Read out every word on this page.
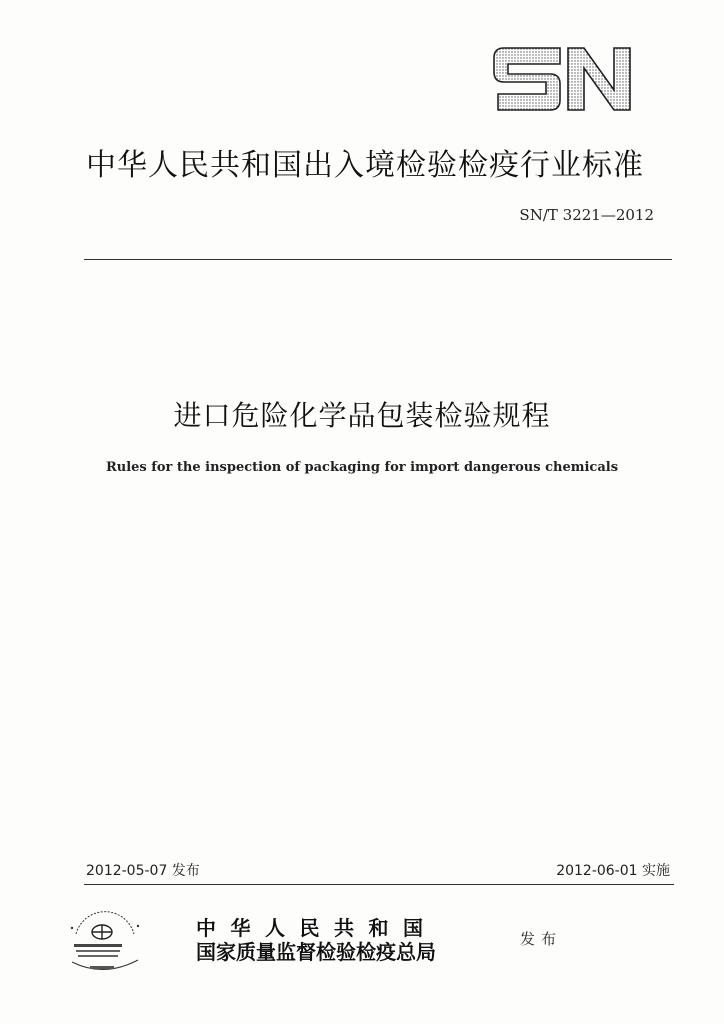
中华人民共和国出入境检验检疫行业标准
SN/T 3221—2012
进口危险化学品包装检验规程
Rules for the inspection of packaging for import dangerous chemicals
2012-05-07 发布	2012-06-01 实施
中华人民共和国
国家质量监督检验检疫总局
发布
